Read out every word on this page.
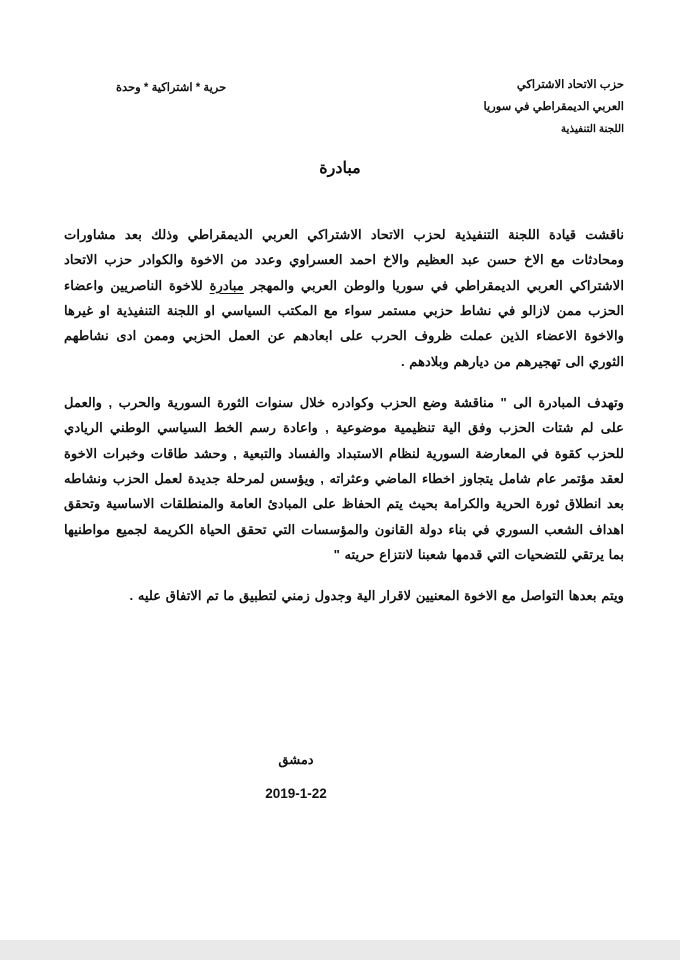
حزب الاتحاد الاشتراكي
العربي الديمقراطي في سوريا
اللجنة التنفيذية
حرية * اشتراكية * وحدة
مبادرة

ناقشت قيادة اللجنة التنفيذية لحزب الاتحاد الاشتراكي العربي الديمقراطي وذلك بعد مشاورات ومحادثات مع الاخ حسن عبد العظيم والاخ احمد العسراوي وعدد من الاخوة والكوادر حزب الاتحاد الاشتراكي العربي الديمقراطي في سوريا والوطن العربي والمهجر مبادرة للاخوة الناصريين واعضاء الحزب ممن لازالو في نشاط حزبي مستمر سواء مع المكتب السياسي او اللجنة التنفيذية او غيرها والاخوة الاعضاء الذين عملت ظروف الحرب على ابعادهم عن العمل الحزبي وممن ادى نشاطهم الثوري الى تهجيرهم من ديارهم وبلادهم .

وتهدف المبادرة الى " مناقشة وضع الحزب وكوادره خلال سنوات الثورة السورية والحرب , والعمل على لم شتات الحزب وفق الية تنظيمية موضوعية , واعادة رسم الخط السياسي الوطني الريادي للحزب كقوة في المعارضة السورية لنظام الاستبداد والفساد والتبعية , وحشد طاقات وخبرات الاخوة لعقد مؤتمر عام شامل يتجاوز اخطاء الماضي وعثراته , ويؤسس لمرحلة جديدة لعمل الحزب ونشاطه بعد انطلاق ثورة الحرية والكرامة بحيث يتم الحفاظ على المبادئ العامة والمنطلقات الاساسية وتحقق اهداف الشعب السوري في بناء دولة القانون والمؤسسات التي تحقق الحياة الكريمة لجميع مواطنيها بما يرتقي للتضحيات التي قدمها شعبنا لانتزاع حريته "

ويتم بعدها التواصل مع الاخوة المعنيين لاقرار الية وجدول زمني لتطبيق ما تم الاتفاق عليه .

دمشق
2019-1-22
